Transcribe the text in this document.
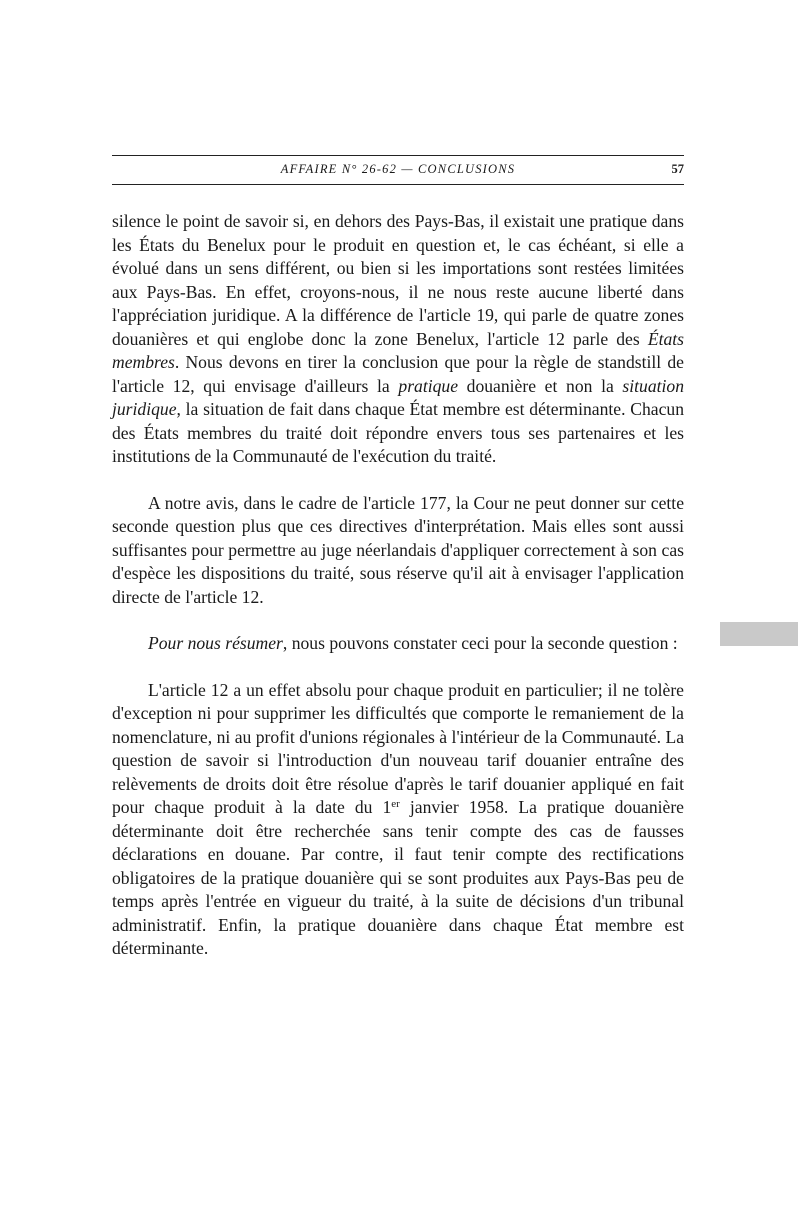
AFFAIRE N° 26-62 — CONCLUSIONS	57

silence le point de savoir si, en dehors des Pays-Bas, il existait une pratique dans les États du Benelux pour le produit en question et, le cas échéant, si elle a évolué dans un sens différent, ou bien si les importations sont restées limitées aux Pays-Bas. En effet, croyons-nous, il ne nous reste aucune liberté dans l'appréciation juridique. A la différence de l'article 19, qui parle de quatre zones douanières et qui englobe donc la zone Benelux, l'article 12 parle des États membres. Nous devons en tirer la conclusion que pour la règle de standstill de l'article 12, qui envisage d'ailleurs la pratique douanière et non la situation juridique, la situation de fait dans chaque État membre est déterminante. Chacun des États membres du traité doit répondre envers tous ses partenaires et les institutions de la Communauté de l'exécution du traité.

A notre avis, dans le cadre de l'article 177, la Cour ne peut donner sur cette seconde question plus que ces directives d'interprétation. Mais elles sont aussi suffisantes pour permettre au juge néerlandais d'appliquer correctement à son cas d'espèce les dispositions du traité, sous réserve qu'il ait à envisager l'application directe de l'article 12.

Pour nous résumer, nous pouvons constater ceci pour la seconde question :

L'article 12 a un effet absolu pour chaque produit en particulier; il ne tolère d'exception ni pour supprimer les difficultés que comporte le remaniement de la nomenclature, ni au profit d'unions régionales à l'intérieur de la Communauté. La question de savoir si l'introduction d'un nouveau tarif douanier entraîne des relèvements de droits doit être résolue d'après le tarif douanier appliqué en fait pour chaque produit à la date du 1er janvier 1958. La pratique douanière déterminante doit être recherchée sans tenir compte des cas de fausses déclarations en douane. Par contre, il faut tenir compte des rectifications obligatoires de la pratique douanière qui se sont produites aux Pays-Bas peu de temps après l'entrée en vigueur du traité, à la suite de décisions d'un tribunal administratif. Enfin, la pratique douanière dans chaque État membre est déterminante.
